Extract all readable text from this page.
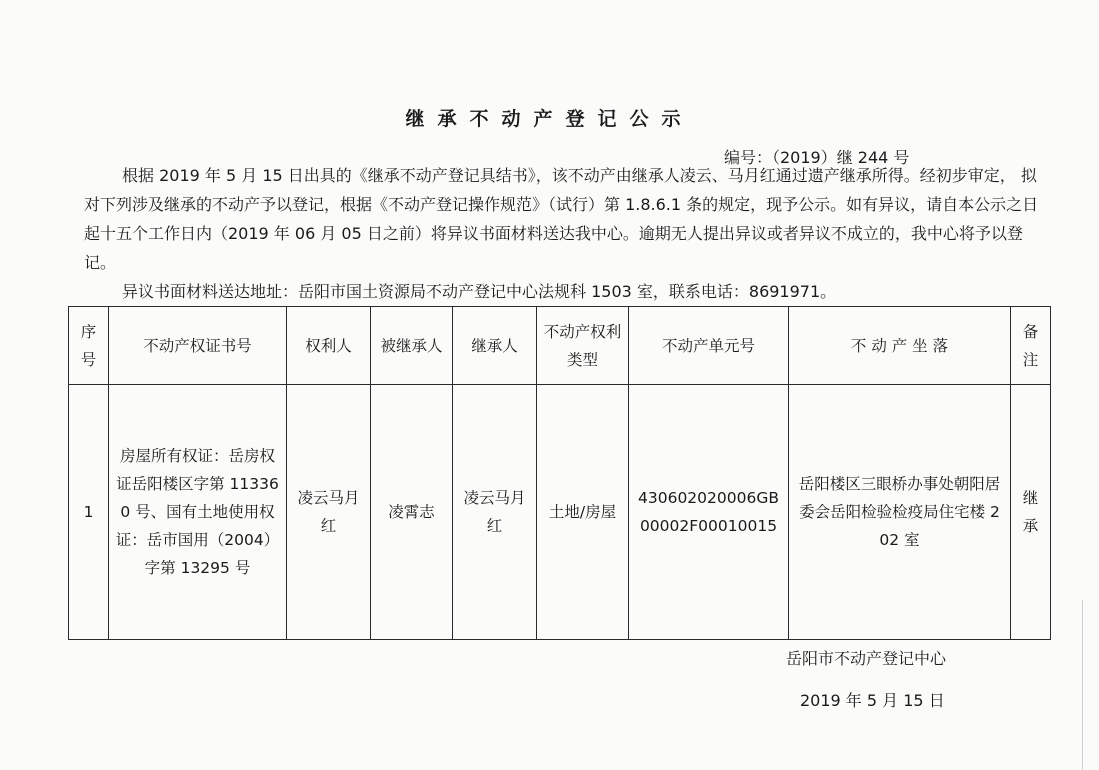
继承不动产登记公示
编号：（2019）继 244 号

根据 2019 年 5 月 15 日出具的《继承不动产登记具结书》，该不动产由继承人凌云、马月红通过遗产继承所得。经初步审定， 拟对下列涉及继承的不动产予以登记，根据《不动产登记操作规范》（试行）第 1.8.6.1 条的规定，现予公示。如有异议，请自本公示之日起十五个工作日内（2019 年 06 月 05 日之前）将异议书面材料送达我中心。逾期无人提出异议或者异议不成立的，我中心将予以登记。

异议书面材料送达地址：岳阳市国土资源局不动产登记中心法规科 1503 室，联系电话：8691971。

序号	不动产权证书号	权利人	被继承人	继承人	不动产权利类型	不动产单元号	不 动 产 坐 落	备注
1	房屋所有权证：岳房权证岳阳楼区字第 113360 号、国有土地使用权证：岳市国用（2004）字第 13295 号	凌云马月红	凌霄志	凌云马月红	土地/房屋	430602020006GB00002F00010015	岳阳楼区三眼桥办事处朝阳居委会岳阳检验检疫局住宅楼 202 室	继承
岳阳市不动产登记中心
2019 年 5 月 15 日
